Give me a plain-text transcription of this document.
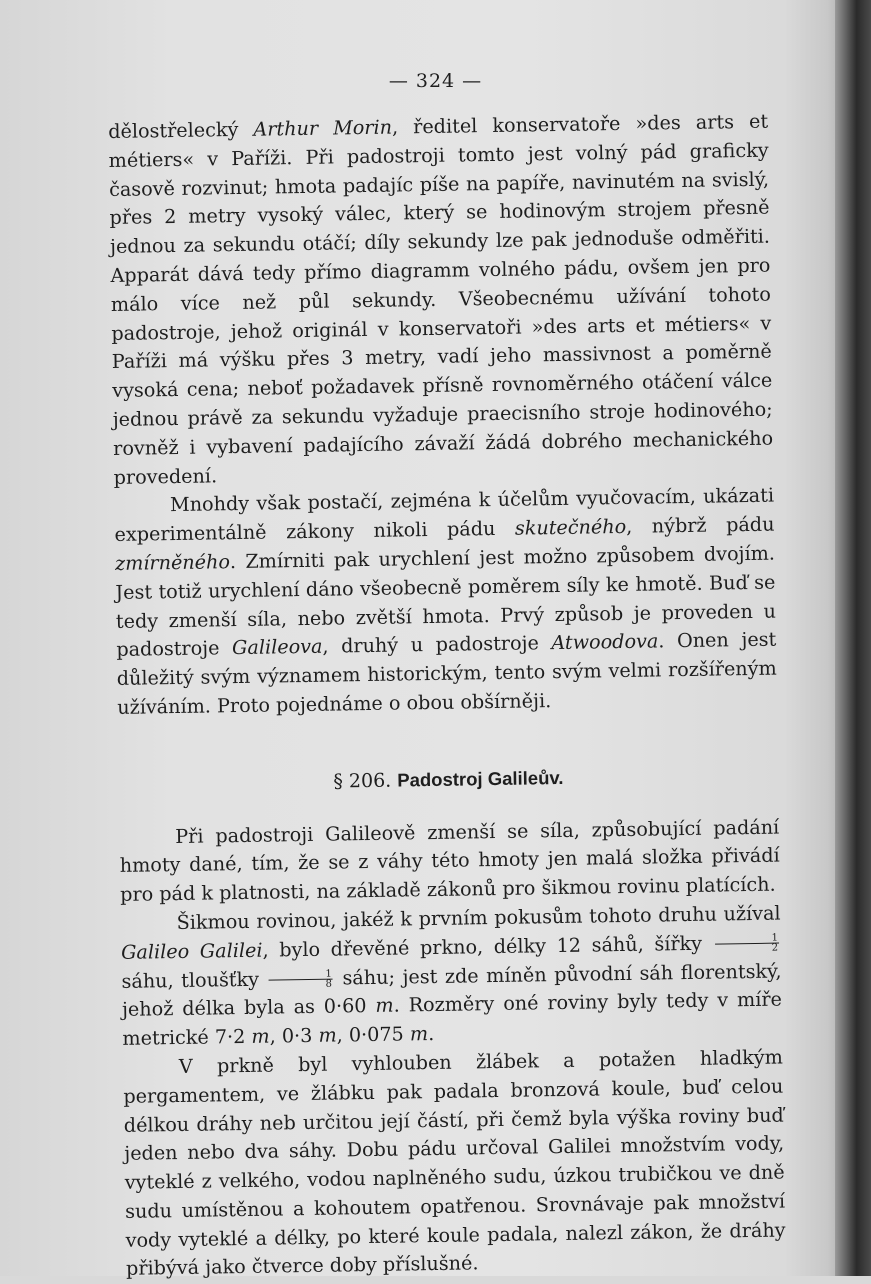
— 324 —

dělostřelecký Arthur Morin, ředitel konservatoře »des arts et métiers« v Paříži. Při padostroji tomto jest volný pád graficky časově rozvinut; hmota padajíc píše na papíře, navinutém na svislý, přes 2 metry vysoký válec, který se hodinovým strojem přesně jednou za sekundu otáčí; díly sekundy lze pak jednoduše odměřiti. Apparát dává tedy přímo diagramm volného pádu, ovšem jen pro málo více než půl sekundy. Všeobecnému užívání tohoto padostroje, jehož originál v konservatoři »des arts et métiers« v Paříži má výšku přes 3 metry, vadí jeho massivnost a poměrně vysoká cena; neboť požadavek přísně rovnoměrného otáčení válce jednou právě za sekundu vyžaduje praecisního stroje hodinového; rovněž i vybavení padajícího závaží žádá dobrého mechanického provedení.

Mnohdy však postačí, zejména k účelům vyučovacím, ukázati experimentálně zákony nikoli pádu skutečného, nýbrž pádu zmírněného. Zmírniti pak urychlení jest možno způsobem dvojím. Jest totiž urychlení dáno všeobecně poměrem síly ke hmotě. Buď se tedy zmenší síla, nebo zvětší hmota. Prvý způsob je proveden u padostroje Galileova, druhý u padostroje Atwoodova. Onen jest důležitý svým významem historickým, tento svým velmi rozšířeným užíváním. Proto pojednáme o obou obšírněji.

§ 206. Padostroj Galileův.

Při padostroji Galileově zmenší se síla, způsobující padání hmoty dané, tím, že se z váhy této hmoty jen malá složka přivádí pro pád k platnosti, na základě zákonů pro šikmou rovinu platících.

Šikmou rovinou, jakéž k prvním pokusům tohoto druhu užíval Galileo Galilei, bylo dřevěné prkno, délky 12 sáhů, šířky $\frac{1}{2}$
sáhu, tloušťky $\frac{1}{8}$ sáhu; jest zde míněn původní sáh florentský, jehož délka byla as 0·60 m. Rozměry oné roviny byly tedy v míře metrické 7·2 m, 0·3 m, 0·075 m.

V prkně byl vyhlouben žlábek a potažen hladkým pergamentem, ve žlábku pak padala bronzová koule, buď celou délkou dráhy neb určitou její částí, při čemž byla výška roviny buď jeden nebo dva sáhy. Dobu pádu určoval Galilei množstvím vody, vyteklé z velkého, vodou naplněného sudu, úzkou trubičkou ve dně sudu umístěnou a kohoutem opatřenou. Srovnávaje pak množství vody vyteklé a délky, po které koule padala, nalezl zákon, že dráhy přibývá jako čtverce doby příslušné.
